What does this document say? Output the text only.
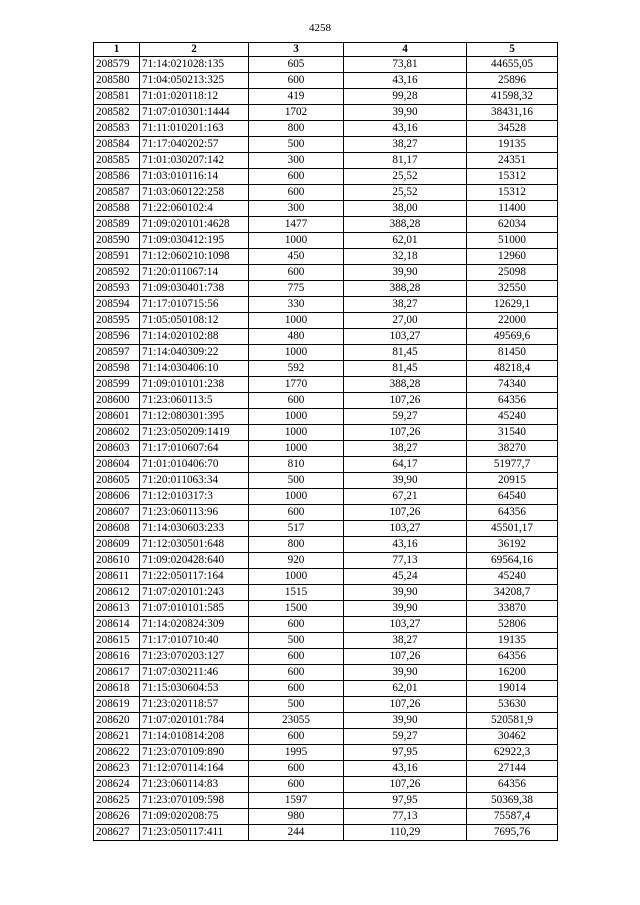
4258
1	2	3	4	5
208579	71:14:021028:135	605	73,81	44655,05
208580	71:04:050213:325	600	43,16	25896
208581	71:01:020118:12	419	99,28	41598,32
208582	71:07:010301:1444	1702	39,90	38431,16
208583	71:11:010201:163	800	43,16	34528
208584	71:17:040202:57	500	38,27	19135
208585	71:01:030207:142	300	81,17	24351
208586	71:03:010116:14	600	25,52	15312
208587	71:03:060122:258	600	25,52	15312
208588	71:22:060102:4	300	38,00	11400
208589	71:09:020101:4628	1477	388,28	62034
208590	71:09:030412:195	1000	62,01	51000
208591	71:12:060210:1098	450	32,18	12960
208592	71:20:011067:14	600	39,90	25098
208593	71:09:030401:738	775	388,28	32550
208594	71:17:010715:56	330	38,27	12629,1
208595	71:05:050108:12	1000	27,00	22000
208596	71:14:020102:88	480	103,27	49569,6
208597	71:14:040309:22	1000	81,45	81450
208598	71:14:030406:10	592	81,45	48218,4
208599	71:09:010101:238	1770	388,28	74340
208600	71:23:060113:5	600	107,26	64356
208601	71:12:080301:395	1000	59,27	45240
208602	71:23:050209:1419	1000	107,26	31540
208603	71:17:010607:64	1000	38,27	38270
208604	71:01:010406:70	810	64,17	51977,7
208605	71:20:011063:34	500	39,90	20915
208606	71:12:010317:3	1000	67,21	64540
208607	71:23:060113:96	600	107,26	64356
208608	71:14:030603:233	517	103,27	45501,17
208609	71:12:030501:648	800	43,16	36192
208610	71:09:020428:640	920	77,13	69564,16
208611	71:22:050117:164	1000	45,24	45240
208612	71:07:020101:243	1515	39,90	34208,7
208613	71:07:010101:585	1500	39,90	33870
208614	71:14:020824:309	600	103,27	52806
208615	71:17:010710:40	500	38,27	19135
208616	71:23:070203:127	600	107,26	64356
208617	71:07:030211:46	600	39,90	16200
208618	71:15:030604:53	600	62,01	19014
208619	71:23:020118:57	500	107,26	53630
208620	71:07:020101:784	23055	39,90	520581,9
208621	71:14:010814:208	600	59,27	30462
208622	71:23:070109:890	1995	97,95	62922,3
208623	71:12:070114:164	600	43,16	27144
208624	71:23:060114:83	600	107,26	64356
208625	71:23:070109:598	1597	97,95	50369,38
208626	71:09:020208:75	980	77,13	75587,4
208627	71:23:050117:411	244	110,29	7695,76
